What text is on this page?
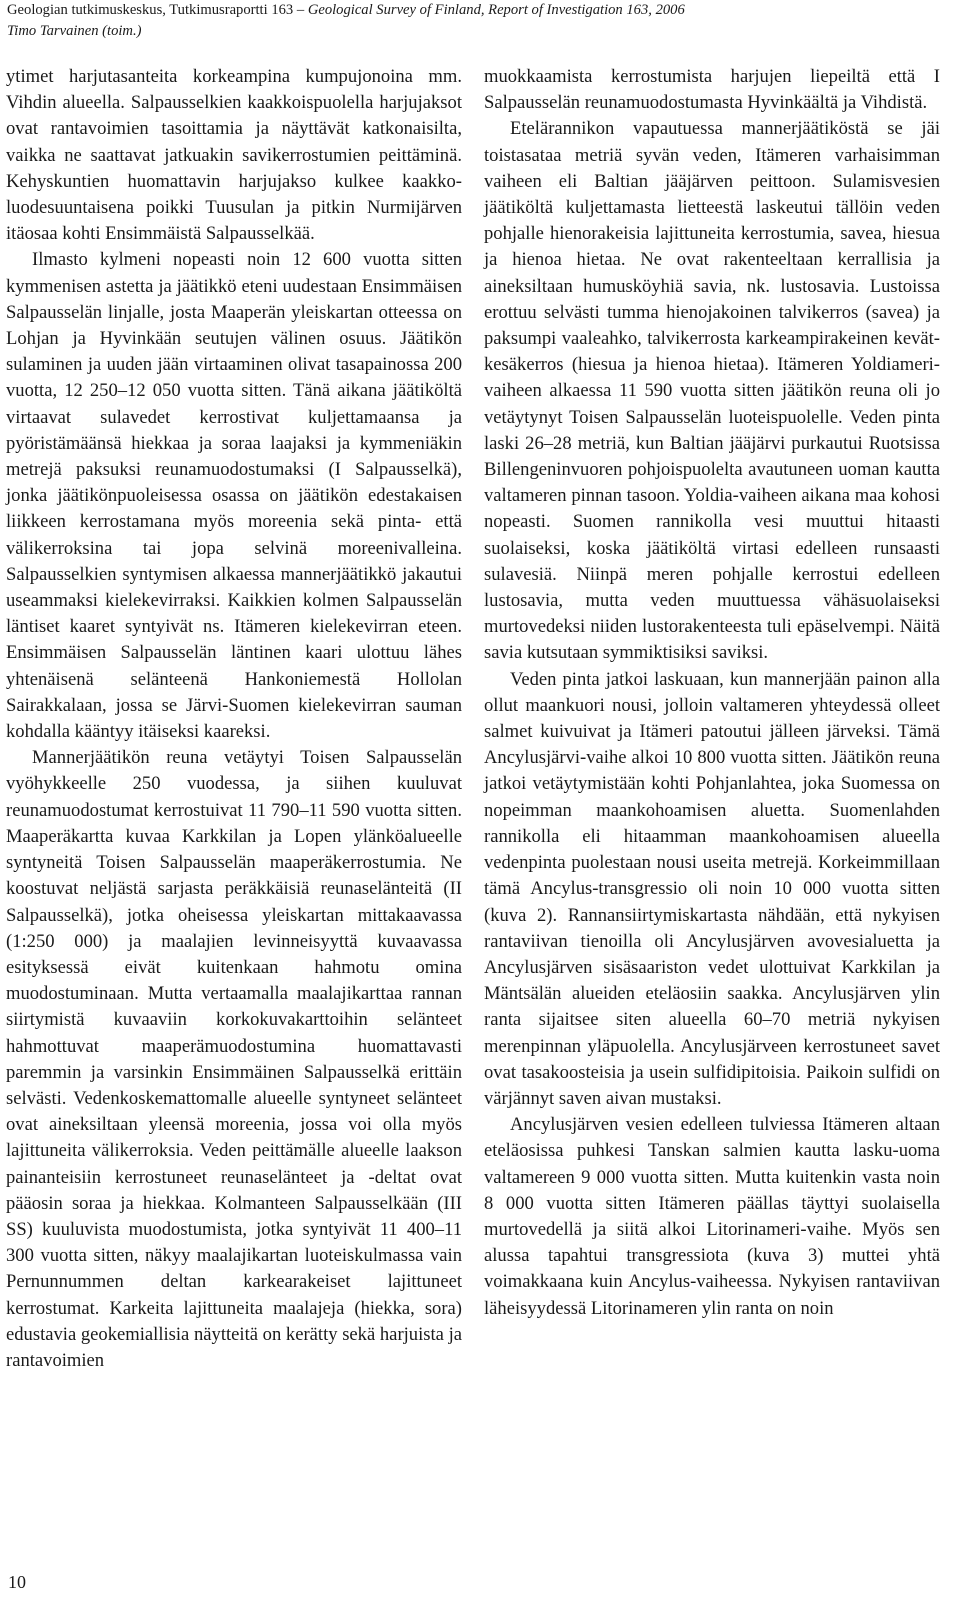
Geologian tutkimuskeskus, Tutkimusraportti 163 – Geological Survey of Finland, Report of Investigation 163, 2006
Timo Tarvainen (toim.)

ytimet harjutasanteita korkeampina kumpujonoina mm. Vihdin alueella. Salpausselkien kaakkoispuolella harjujaksot ovat rantavoimien tasoittamia ja näyttävät katkonaisilta, vaikka ne saattavat jatkuakin savikerrostumien peittäminä. Kehyskuntien huomattavin harjujakso kulkee kaakko-luodesuuntaisena poikki Tuusulan ja pitkin Nurmijärven itäosaa kohti Ensimmäistä Salpausselkää.

Ilmasto kylmeni nopeasti noin 12 600 vuotta sitten kymmenisen astetta ja jäätikkö eteni uudestaan Ensimmäisen Salpausselän linjalle, josta Maaperän yleiskartan otteessa on Lohjan ja Hyvinkään seutujen välinen osuus. Jäätikön sulaminen ja uuden jään virtaaminen olivat tasapainossa 200 vuotta, 12 250–12 050 vuotta sitten. Tänä aikana jäätiköltä virtaavat sulavedet kerrostivat kuljettamaansa ja pyöristämäänsä hiekkaa ja soraa laajaksi ja kymmeniäkin metrejä paksuksi reunamuodostumaksi (I Salpausselkä), jonka jäätikönpuoleisessa osassa on jäätikön edestakaisen liikkeen kerrostamana myös moreenia sekä pinta- että välikerroksina tai jopa selvinä moreenivalleina. Salpausselkien syntymisen alkaessa mannerjäätikkö jakautui useammaksi kielekevirraksi. Kaikkien kolmen Salpausselän läntiset kaaret syntyivät ns. Itämeren kielekevirran eteen. Ensimmäisen Salpausselän läntinen kaari ulottuu lähes yhtenäisenä selänteenä Hankoniemestä Hollolan Sairakkalaan, jossa se Järvi-Suomen kielekevirran sauman kohdalla kääntyy itäiseksi kaareksi.

Mannerjäätikön reuna vetäytyi Toisen Salpausselän vyöhykkeelle 250 vuodessa, ja siihen kuuluvat reunamuodostumat kerrostuivat 11 790–11 590 vuotta sitten. Maaperäkartta kuvaa Karkkilan ja Lopen ylänköalueelle syntyneitä Toisen Salpausselän maaperäkerrostumia. Ne koostuvat neljästä sarjasta peräkkäisiä reunaselänteitä (II Salpausselkä), jotka oheisessa yleiskartan mittakaavassa (1:250 000) ja maalajien levinneisyyttä kuvaavassa esityksessä eivät kuitenkaan hahmotu omina muodostuminaan. Mutta vertaamalla maalajikarttaa rannan siirtymistä kuvaaviin korkokuvakarttoihin selänteet hahmottuvat maaperämuodostumina huomattavasti paremmin ja varsinkin Ensimmäinen Salpausselkä erittäin selvästi. Vedenkoskemattomalle alueelle syntyneet selänteet ovat aineksiltaan yleensä moreenia, jossa voi olla myös lajittuneita välikerroksia. Veden peittämälle alueelle laakson painanteisiin kerrostuneet reunaselänteet ja -deltat ovat pääosin soraa ja hiekkaa. Kolmanteen Salpausselkään (III SS) kuuluvista muodostumista, jotka syntyivät 11 400–11 300 vuotta sitten, näkyy maalajikartan luoteiskulmassa vain Pernunnummen deltan karkearakeiset lajittuneet kerrostumat. Karkeita lajittuneita maalajeja (hiekka, sora) edustavia geokemiallisia näytteitä on kerätty sekä harjuista ja rantavoimien

muokkaamista kerrostumista harjujen liepeiltä että I Salpausselän reunamuodostumasta Hyvinkäältä ja Vihdistä.

Etelärannikon vapautuessa mannerjäätiköstä se jäi toistasataa metriä syvän veden, Itämeren varhaisimman vaiheen eli Baltian jääjärven peittoon. Sulamisvesien jäätiköltä kuljettamasta lietteestä laskeutui tällöin veden pohjalle hienorakeisia lajittuneita kerrostumia, savea, hiesua ja hienoa hietaa. Ne ovat rakenteeltaan kerrallisia ja aineksiltaan humusköyhiä savia, nk. lustosavia. Lustoissa erottuu selvästi tumma hienojakoinen talvikerros (savea) ja paksumpi vaaleahko, talvikerrosta karkeampirakeinen kevät-kesäkerros (hiesua ja hienoa hietaa). Itämeren Yoldiameri-vaiheen alkaessa 11 590 vuotta sitten jäätikön reuna oli jo vetäytynyt Toisen Salpausselän luoteispuolelle. Veden pinta laski 26–28 metriä, kun Baltian jääjärvi purkautui Ruotsissa Billengeninvuoren pohjoispuolelta avautuneen uoman kautta valtameren pinnan tasoon. Yoldia-vaiheen aikana maa kohosi nopeasti. Suomen rannikolla vesi muuttui hitaasti suolaiseksi, koska jäätiköltä virtasi edelleen runsaasti sulavesiä. Niinpä meren pohjalle kerrostui edelleen lustosavia, mutta veden muuttuessa vähäsuolaiseksi murtovedeksi niiden lustorakenteesta tuli epäselvempi. Näitä savia kutsutaan symmiktisiksi saviksi.

Veden pinta jatkoi laskuaan, kun mannerjään painon alla ollut maankuori nousi, jolloin valtameren yhteydessä olleet salmet kuivuivat ja Itämeri patoutui jälleen järveksi. Tämä Ancylusjärvi-vaihe alkoi 10 800 vuotta sitten. Jäätikön reuna jatkoi vetäytymistään kohti Pohjanlahtea, joka Suomessa on nopeimman maankohoamisen aluetta. Suomenlahden rannikolla eli hitaamman maankohoamisen alueella vedenpinta puolestaan nousi useita metrejä. Korkeimmillaan tämä Ancylus-transgressio oli noin 10 000 vuotta sitten (kuva 2). Rannansiirtymiskartasta nähdään, että nykyisen rantaviivan tienoilla oli Ancylusjärven avovesialuetta ja Ancylusjärven sisäsaariston vedet ulottuivat Karkkilan ja Mäntsälän alueiden eteläosiin saakka. Ancylusjärven ylin ranta sijaitsee siten alueella 60–70 metriä nykyisen merenpinnan yläpuolella. Ancylusjärveen kerrostuneet savet ovat tasakoosteisia ja usein sulfidipitoisia. Paikoin sulfidi on värjännyt saven aivan mustaksi.

Ancylusjärven vesien edelleen tulviessa Itämeren altaan eteläosissa puhkesi Tanskan salmien kautta lasku-uoma valtamereen 9 000 vuotta sitten. Mutta kuitenkin vasta noin 8 000 vuotta sitten Itämeren päällas täyttyi suolaisella murtovedellä ja siitä alkoi Litorinameri-vaihe. Myös sen alussa tapahtui transgressiota (kuva 3) muttei yhtä voimakkaana kuin Ancylus-vaiheessa. Nykyisen rantaviivan läheisyydessä Litorinameren ylin ranta on noin

10
